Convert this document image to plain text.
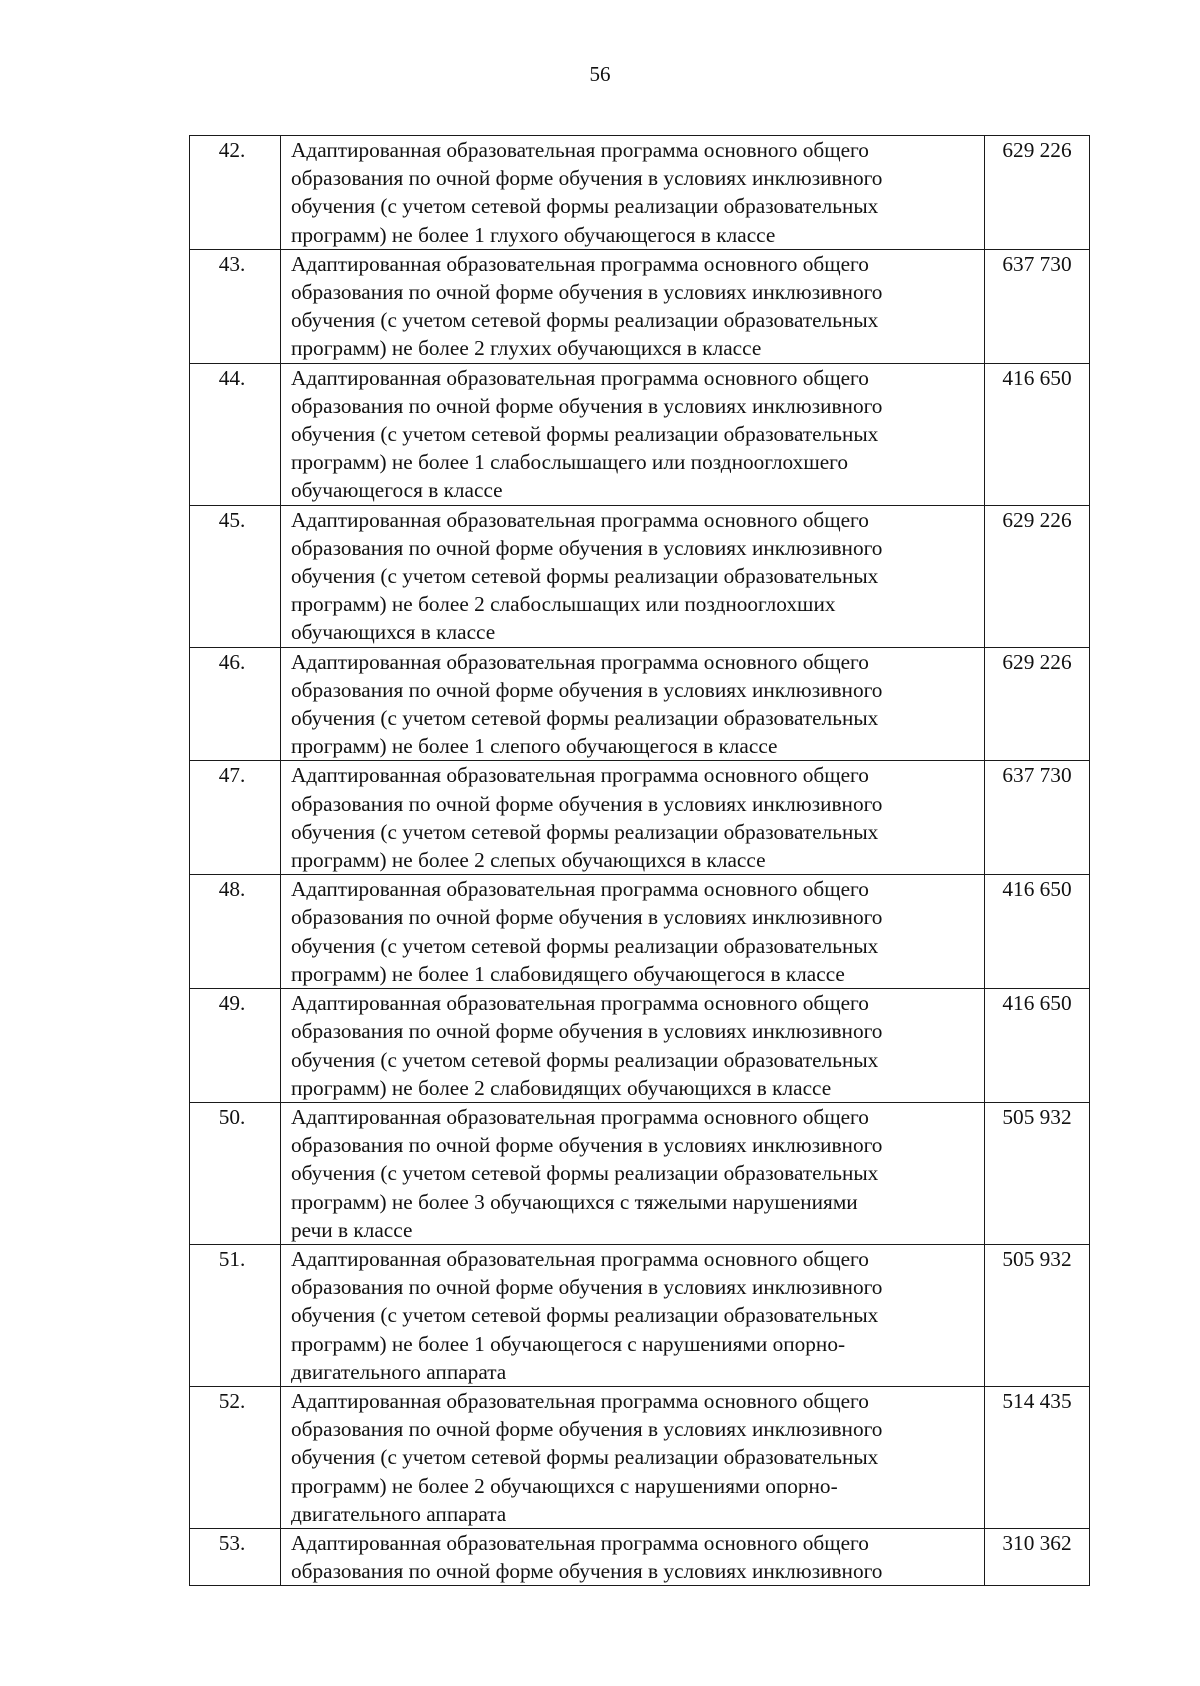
56
42.	Адаптированная образовательная программа основного общего
образования по очной форме обучения в условиях инклюзивного
обучения (с учетом сетевой формы реализации образовательных
программ) не более 1 глухого обучающегося в классе	629 226
43.	Адаптированная образовательная программа основного общего
образования по очной форме обучения в условиях инклюзивного
обучения (с учетом сетевой формы реализации образовательных
программ) не более 2 глухих обучающихся в классе	637 730
44.	Адаптированная образовательная программа основного общего
образования по очной форме обучения в условиях инклюзивного
обучения (с учетом сетевой формы реализации образовательных
программ) не более 1 слабослышащего или позднооглохшего
обучающегося в классе	416 650
45.	Адаптированная образовательная программа основного общего
образования по очной форме обучения в условиях инклюзивного
обучения (с учетом сетевой формы реализации образовательных
программ) не более 2 слабослышащих или позднооглохших
обучающихся в классе	629 226
46.	Адаптированная образовательная программа основного общего
образования по очной форме обучения в условиях инклюзивного
обучения (с учетом сетевой формы реализации образовательных
программ) не более 1 слепого обучающегося в классе	629 226
47.	Адаптированная образовательная программа основного общего
образования по очной форме обучения в условиях инклюзивного
обучения (с учетом сетевой формы реализации образовательных
программ) не более 2 слепых обучающихся в классе	637 730
48.	Адаптированная образовательная программа основного общего
образования по очной форме обучения в условиях инклюзивного
обучения (с учетом сетевой формы реализации образовательных
программ) не более 1 слабовидящего обучающегося в классе	416 650
49.	Адаптированная образовательная программа основного общего
образования по очной форме обучения в условиях инклюзивного
обучения (с учетом сетевой формы реализации образовательных
программ) не более 2 слабовидящих обучающихся в классе	416 650
50.	Адаптированная образовательная программа основного общего
образования по очной форме обучения в условиях инклюзивного
обучения (с учетом сетевой формы реализации образовательных
программ) не более 3 обучающихся с тяжелыми нарушениями
речи в классе	505 932
51.	Адаптированная образовательная программа основного общего
образования по очной форме обучения в условиях инклюзивного
обучения (с учетом сетевой формы реализации образовательных
программ) не более 1 обучающегося с нарушениями опорно-
двигательного аппарата	505 932
52.	Адаптированная образовательная программа основного общего
образования по очной форме обучения в условиях инклюзивного
обучения (с учетом сетевой формы реализации образовательных
программ) не более 2 обучающихся с нарушениями опорно-
двигательного аппарата	514 435
53.	Адаптированная образовательная программа основного общего
образования по очной форме обучения в условиях инклюзивного	310 362
